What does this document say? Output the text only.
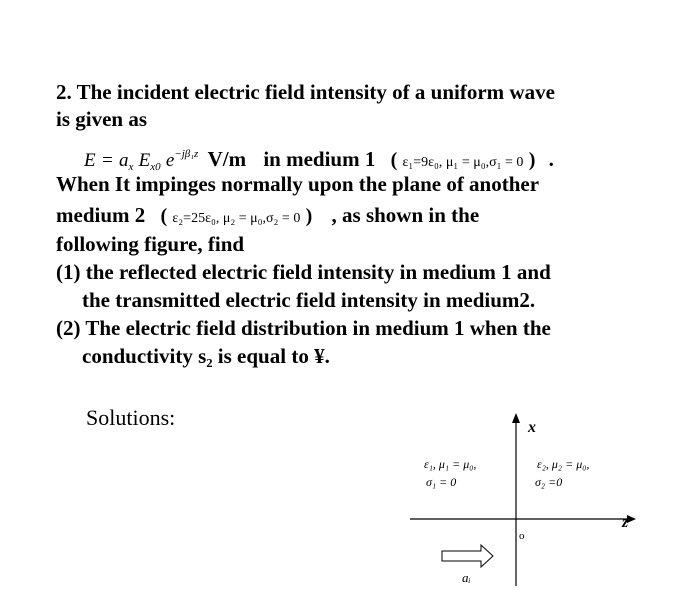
2. The incident electric field intensity of a uniform wave
is given as
$E = a_x$ $E_{x0}$ $e^{-j\beta_1z}$ V/m in medium 1 ( ε₁=9ε₀, μ₁ = μ₀,σ₁ = 0 ) .
When It impinges normally upon the plane of another
medium 2 ( ε₂=25ε₀, μ₂ = μ₀,σ₂ = 0 ) , as shown in the
following figure, find
(1) the reflected electric field intensity in medium 1 and
the transmitted electric field intensity in medium2.
(2) The electric field distribution in medium 1 when the
conductivity s₂ is equal to ¥.
Solutions:	x
z
o
ε₁, μ₁ = μ₀,
σ₁ = 0
ε₂, μ₂ = μ₀,
σ₂ =0
aᵢ
